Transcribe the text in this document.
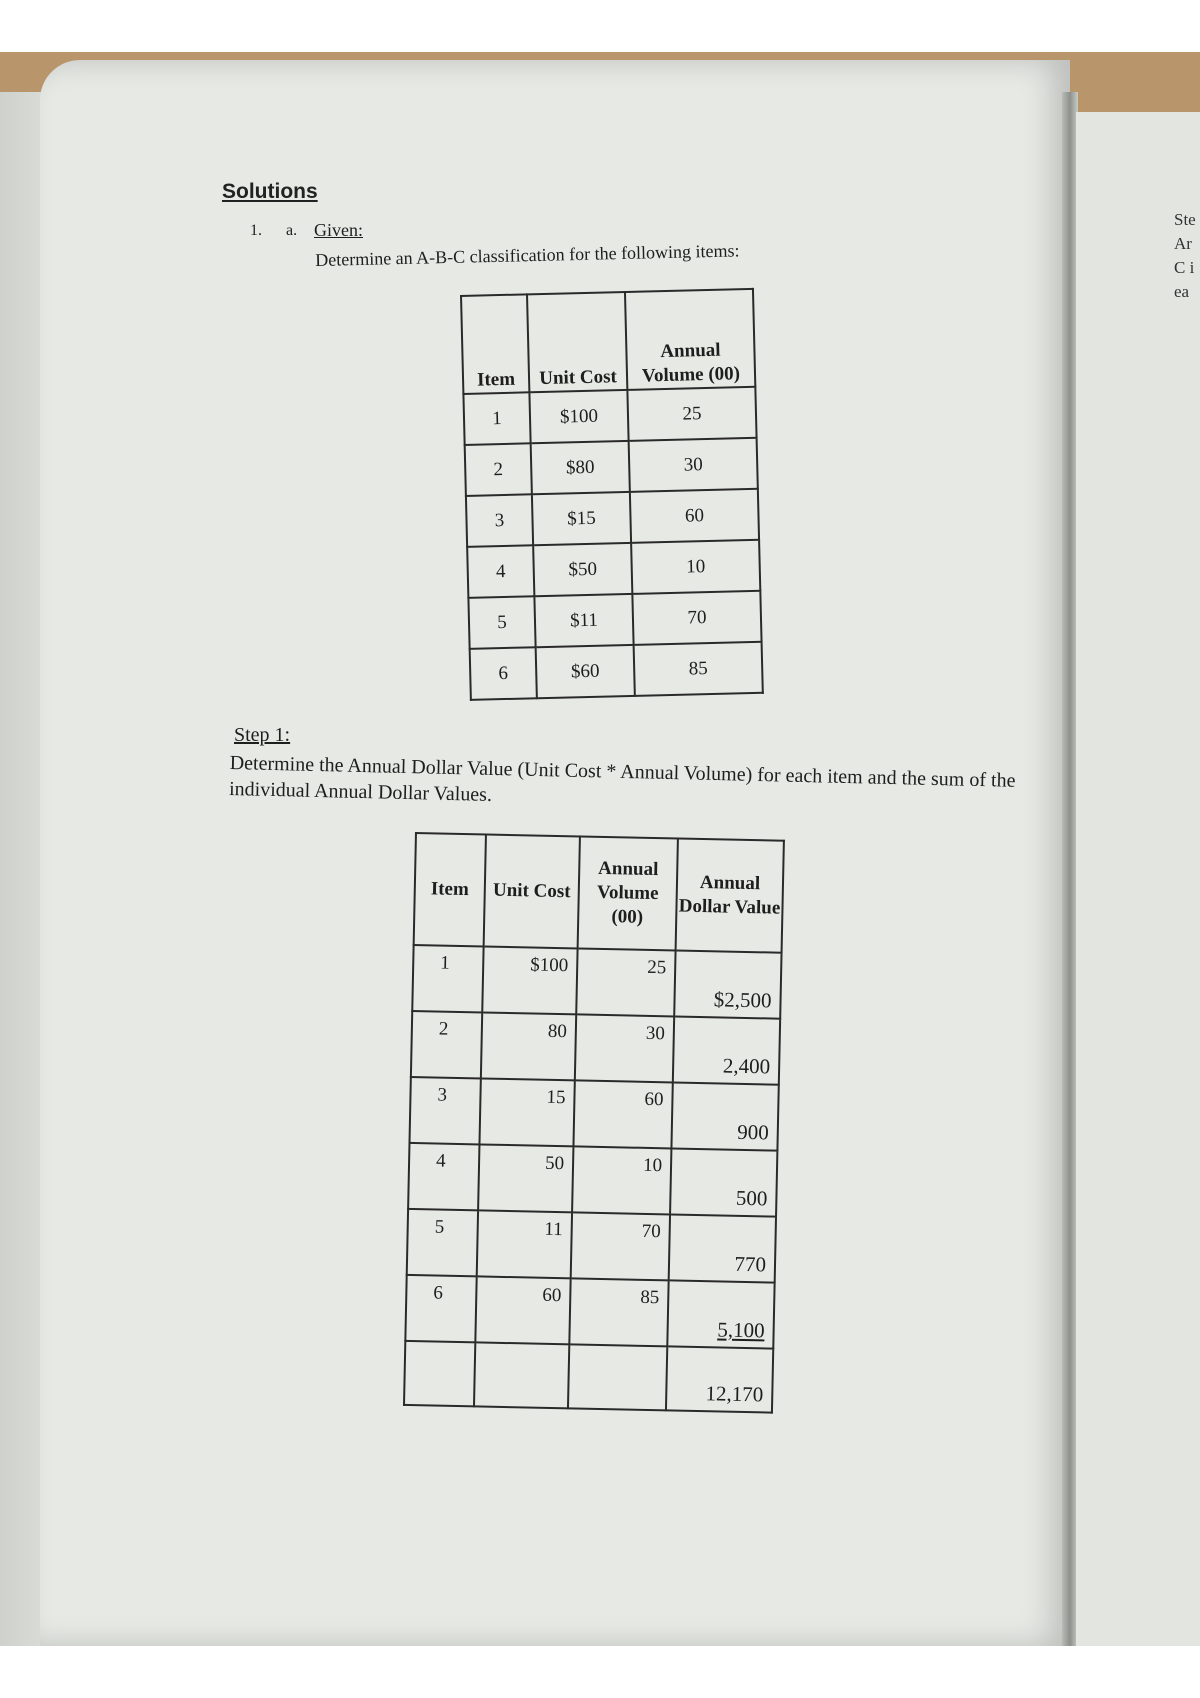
Ste
Ar
C i
ea
Solutions
1. a. Given:
Determine an A-B-C classification for the following items:
Item	Unit Cost	Annual Volume (00)
1	$100	25
2	$80	30
3	$15	60
4	$50	10
5	$11	70
6	$60	85
Step 1:
Determine the Annual Dollar Value (Unit Cost * Annual Volume) for each item and the sum of the individual Annual Dollar Values.
Item	Unit Cost	Annual Volume (00)	Annual Dollar Value
1	$100	25	$2,500
2	80	30	2,400
3	15	60	900
4	50	10	500
5	11	70	770
6	60	85	5,100
			12,170
